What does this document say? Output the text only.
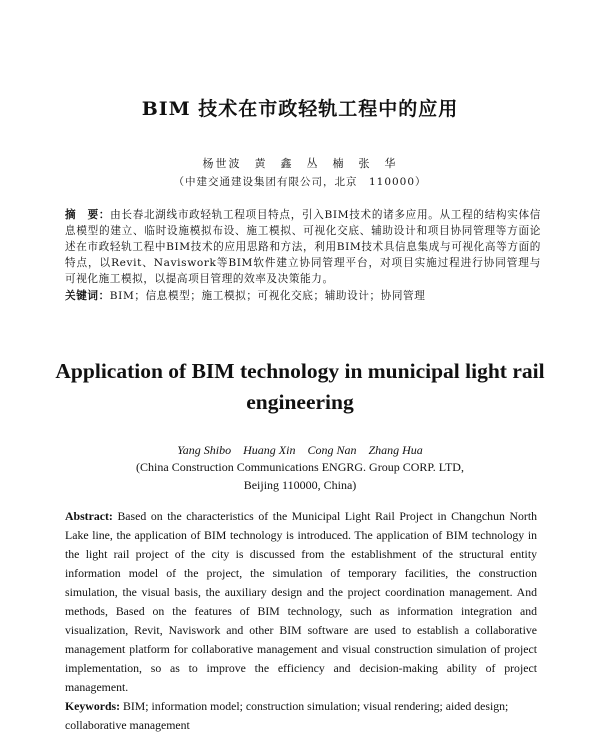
BIM 技术在市政轻轨工程中的应用
杨世波　黄　鑫　丛　楠　张　华
（中建交通建设集团有限公司，北京　110000）
摘　要：由长春北湖线市政轻轨工程项目特点，引入BIM技术的诸多应用。从工程的结构实体信息模型的建立、临时设施模拟布设、施工模拟、可视化交底、辅助设计和项目协同管理等方面论述在市政轻轨工程中BIM技术的应用思路和方法，利用BIM技术具信息集成与可视化高等方面的特点，以Revit、Naviswork等BIM软件建立协同管理平台，对项目实施过程进行协同管理与可视化施工模拟，以提高项目管理的效率及决策能力。
关键词：BIM；信息模型；施工模拟；可视化交底；辅助设计；协同管理
Application of BIM technology in municipal light rail engineering
Yang Shibo　Huang Xin　Cong Nan　Zhang Hua
(China Construction Communications ENGRG. Group CORP. LTD,
Beijing 110000, China)
Abstract: Based on the characteristics of the Municipal Light Rail Project in Changchun North Lake line, the application of BIM technology is introduced. The application of BIM technology in the light rail project of the city is discussed from the establishment of the structural entity information model of the project, the simulation of temporary facilities, the construction simulation, the visual basis, the auxiliary design and the project coordination management. And methods, Based on the features of BIM technology, such as information integration and visualization, Revit, Naviswork and other BIM software are used to establish a collaborative management platform for collaborative management and visual construction simulation of project implementation, so as to improve the efficiency and decision-making ability of project management.
Keywords: BIM; information model; construction simulation; visual rendering; aided design; collaborative management
